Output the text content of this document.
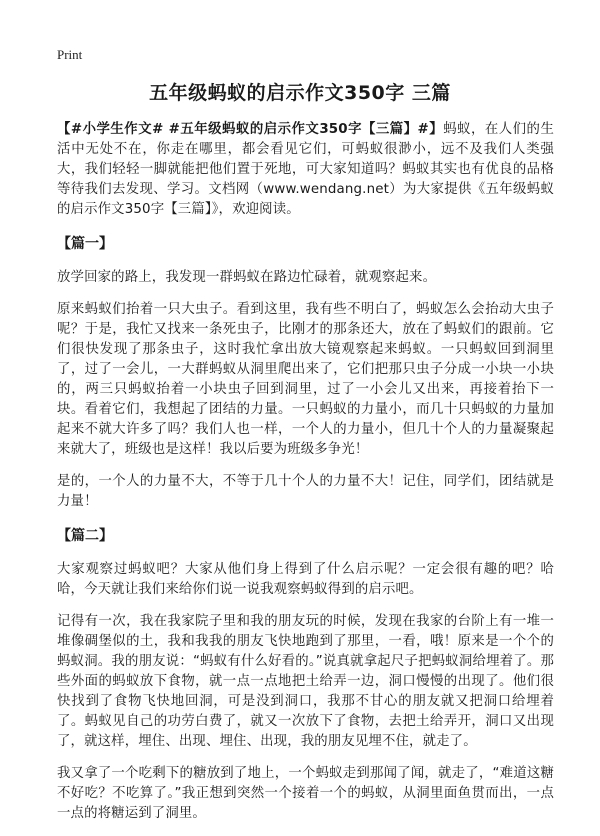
Print
五年级蚂蚁的启示作文350字 三篇

【#小学生作文# #五年级蚂蚁的启示作文350字【三篇】#】蚂蚁，在人们的生活中无处不在，你走在哪里，都会看见它们，可蚂蚁很渺小，远不及我们人类强大，我们轻轻一脚就能把他们置于死地，可大家知道吗？蚂蚁其实也有优良的品格等待我们去发现、学习。文档网（www.wendang.net）为大家提供《五年级蚂蚁的启示作文350字【三篇】》，欢迎阅读。

【篇一】

放学回家的路上，我发现一群蚂蚁在路边忙碌着，就观察起来。

原来蚂蚁们抬着一只大虫子。看到这里，我有些不明白了，蚂蚁怎么会抬动大虫子呢？于是，我忙又找来一条死虫子，比刚才的那条还大，放在了蚂蚁们的跟前。它们很快发现了那条虫子，这时我忙拿出放大镜观察起来蚂蚁。一只蚂蚁回到洞里了，过了一会儿，一大群蚂蚁从洞里爬出来了，它们把那只虫子分成一小块一小块的，两三只蚂蚁抬着一小块虫子回到洞里，过了一小会儿又出来，再接着抬下一块。看着它们，我想起了团结的力量。一只蚂蚁的力量小，而几十只蚂蚁的力量加起来不就大许多了吗？我们人也一样，一个人的力量小，但几十个人的力量凝聚起来就大了，班级也是这样！我以后要为班级多争光！

是的，一个人的力量不大，不等于几十个人的力量不大！记住，同学们，团结就是力量！

【篇二】

大家观察过蚂蚁吧？大家从他们身上得到了什么启示呢？一定会很有趣的吧？哈哈，今天就让我们来给你们说一说我观察蚂蚁得到的启示吧。

记得有一次，我在我家院子里和我的朋友玩的时候，发现在我家的台阶上有一堆一堆像碉堡似的土，我和我我的朋友飞快地跑到了那里，一看，哦！原来是一个个的蚂蚁洞。我的朋友说：“蚂蚁有什么好看的。”说真就拿起尺子把蚂蚁洞给埋着了。那些外面的蚂蚁放下食物，就一点一点地把土给弄一边，洞口慢慢的出现了。他们很快找到了食物飞快地回洞，可是没到洞口，我那不甘心的朋友就又把洞口给埋着了。蚂蚁见自己的功劳白费了，就又一次放下了食物，去把土给弄开，洞口又出现了，就这样，埋住、出现、埋住、出现，我的朋友见埋不住，就走了。

我又拿了一个吃剩下的糖放到了地上，一个蚂蚁走到那闻了闻，就走了，“难道这糖不好吃？不吃算了。”我正想到突然一个接着一个的蚂蚁，从洞里面鱼贯而出，一点一点的将糖运到了洞里。
